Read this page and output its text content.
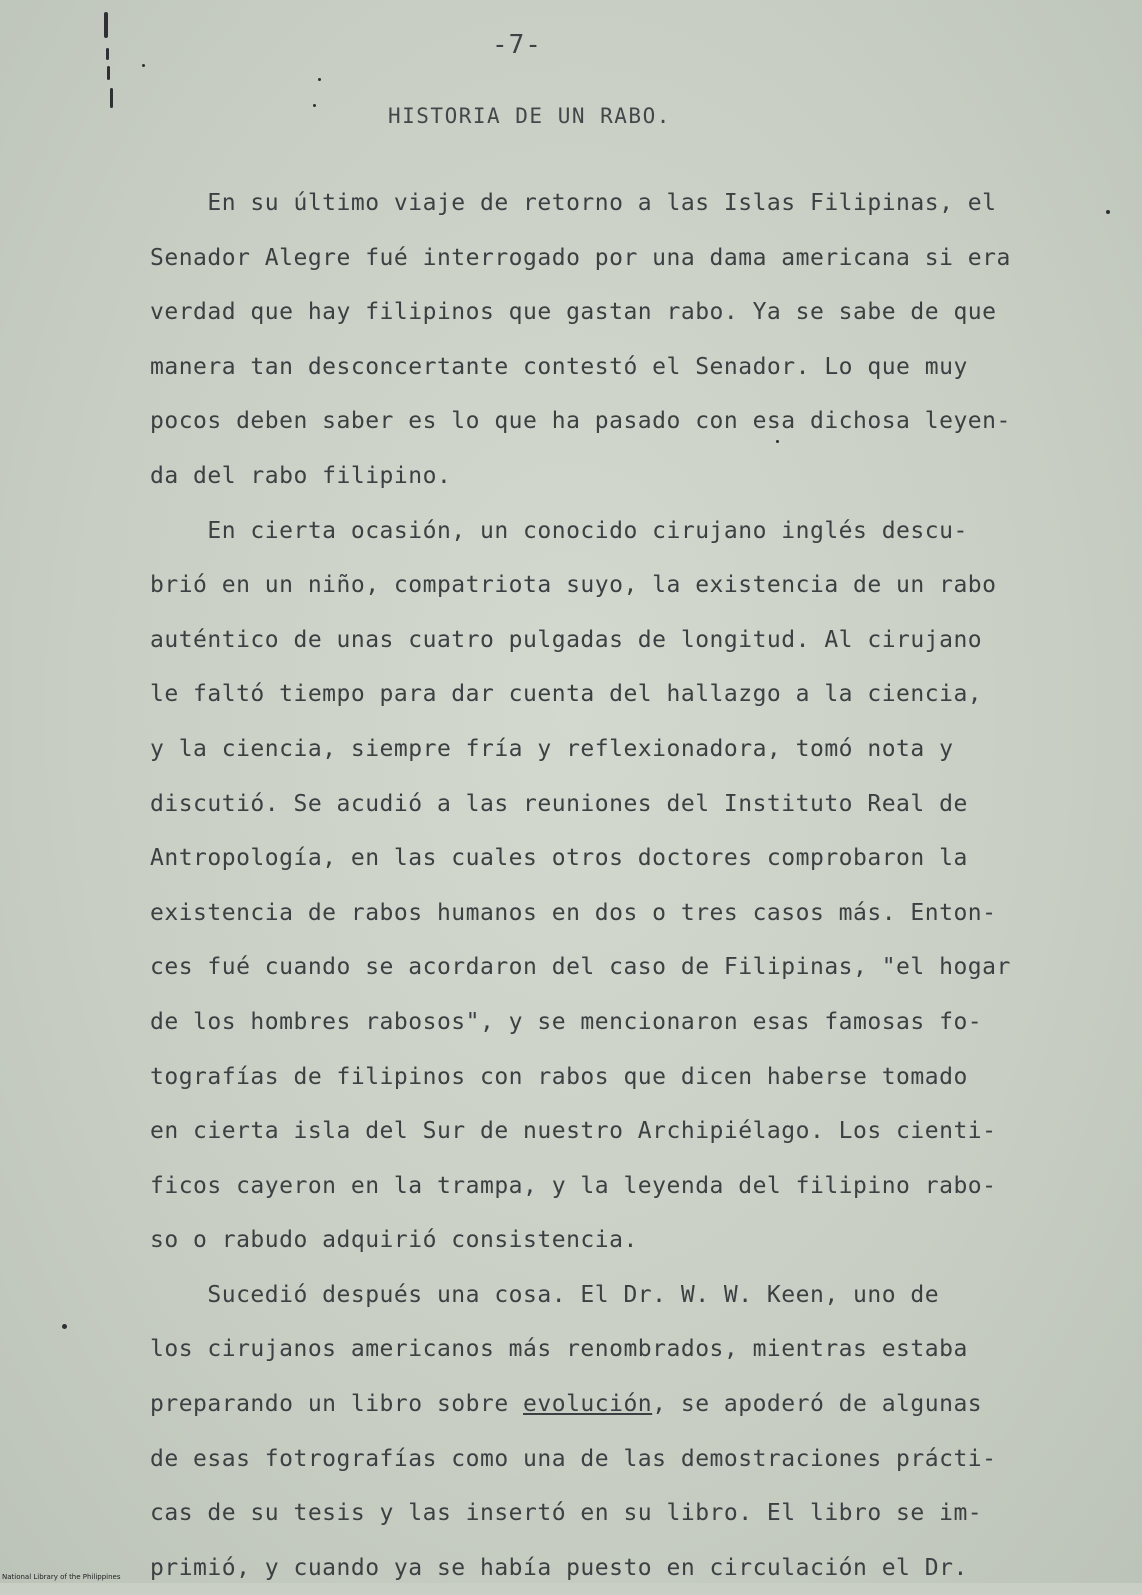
-7-
HISTORIA DE UN RABO.
En su último viaje de retorno a las Islas Filipinas, el
Senador Alegre fué interrogado por una dama americana si era
verdad que hay filipinos que gastan rabo. Ya se sabe de que
manera tan desconcertante contestó el Senador. Lo que muy
pocos deben saber es lo que ha pasado con esa dichosa leyen-
da del rabo filipino.
En cierta ocasión, un conocido cirujano inglés descu-
brió en un niño, compatriota suyo, la existencia de un rabo
auténtico de unas cuatro pulgadas de longitud. Al cirujano
le faltó tiempo para dar cuenta del hallazgo a la ciencia,
y la ciencia, siempre fría y reflexionadora, tomó nota y
discutió. Se acudió a las reuniones del Instituto Real de
Antropología, en las cuales otros doctores comprobaron la
existencia de rabos humanos en dos o tres casos más. Enton-
ces fué cuando se acordaron del caso de Filipinas, "el hogar
de los hombres rabosos", y se mencionaron esas famosas fo-
tografías de filipinos con rabos que dicen haberse tomado
en cierta isla del Sur de nuestro Archipiélago. Los cienti-
ficos cayeron en la trampa, y la leyenda del filipino rabo-
so o rabudo adquirió consistencia.
Sucedió después una cosa. El Dr. W. W. Keen, uno de
los cirujanos americanos más renombrados, mientras estaba
preparando un libro sobre evolución, se apoderó de algunas
de esas fotrografías como una de las demostraciones prácti-
cas de su tesis y las insertó en su libro. El libro se im-
primió, y cuando ya se había puesto en circulación el Dr.
National Library of the Philippines
